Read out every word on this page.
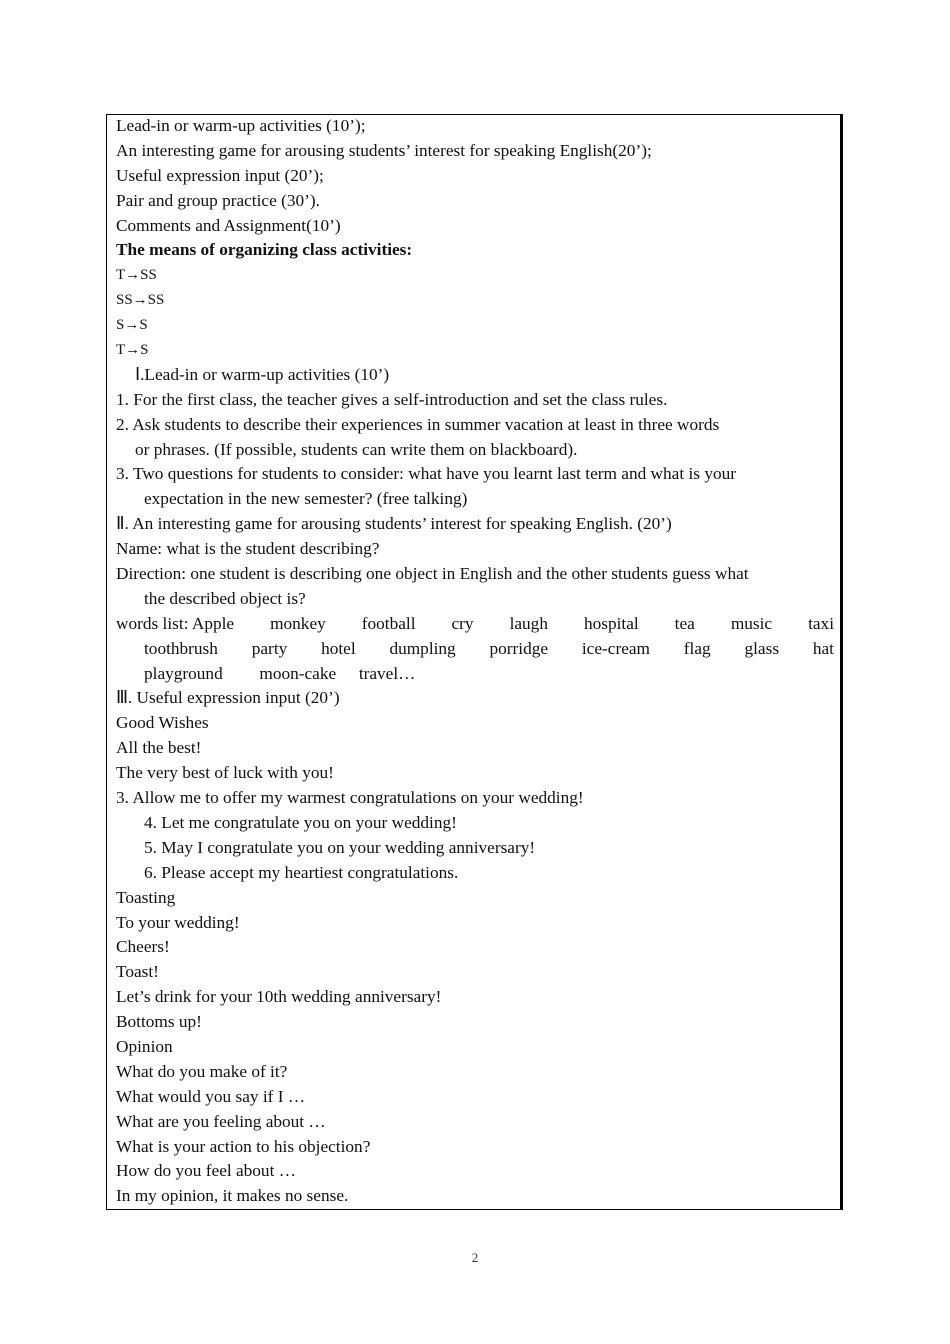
Lead-in or warm-up activities (10’);
An interesting game for arousing students’ interest for speaking English(20’);
Useful expression input (20’);
Pair and group practice (30’).
Comments and Assignment(10’)
The means of organizing class activities:
T→SS
SS→SS
S→S
T→S
Ⅰ.Lead-in or warm-up activities (10’)
1. For the first class, the teacher gives a self-introduction and set the class rules.
2. Ask students to describe their experiences in summer vacation at least in three words
or phrases. (If possible, students can write them on blackboard).
3. Two questions for students to consider: what have you learnt last term and what is your
expectation in the new semester? (free talking)
Ⅱ. An interesting game for arousing students’ interest for speaking English. (20’)
Name: what is the student describing?
Direction: one student is describing one object in English and the other students guess what
the described object is?
words list: Apple monkey football cry laugh hospital tea music taxi
toothbrush party hotel dumpling porridge ice-cream flag glass hat
playground moon-cake travel…
Ⅲ. Useful expression input (20’)
Good Wishes
All the best!
The very best of luck with you!
3. Allow me to offer my warmest congratulations on your wedding!
4. Let me congratulate you on your wedding!
5. May I congratulate you on your wedding anniversary!
6. Please accept my heartiest congratulations.
Toasting
To your wedding!
Cheers!
Toast!
Let’s drink for your 10th wedding anniversary!
Bottoms up!
Opinion
What do you make of it?
What would you say if I …
What are you feeling about …
What is your action to his objection?
How do you feel about …
In my opinion, it makes no sense.
2
